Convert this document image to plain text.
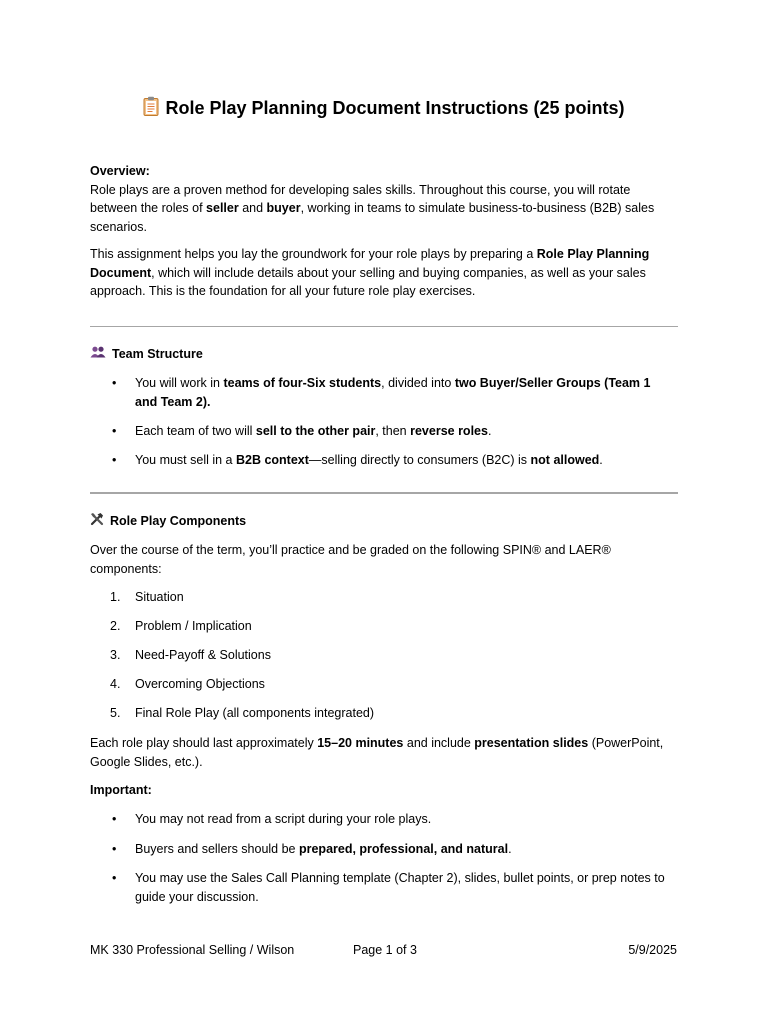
Role Play Planning Document Instructions (25 points)

Overview:

Role plays are a proven method for developing sales skills. Throughout this course, you will rotate between the roles of seller and buyer, working in teams to simulate business-to-business (B2B) sales scenarios.

This assignment helps you lay the groundwork for your role plays by preparing a Role Play Planning Document, which will include details about your selling and buying companies, as well as your sales approach. This is the foundation for all your future role play exercises.

Team Structure
•	You will work in teams of four-Six students, divided into two Buyer/Seller Groups (Team 1 and Team 2).
•	Each team of two will sell to the other pair, then reverse roles.
•	You must sell in a B2B context—selling directly to consumers (B2C) is not allowed.
Role Play Components

Over the course of the term, you’ll practice and be graded on the following SPIN® and LAER® components:

1.	Situation
2.	Problem / Implication
3.	Need-Payoff & Solutions
4.	Overcoming Objections
5.	Final Role Play (all components integrated)

Each role play should last approximately 15–20 minutes and include presentation slides (PowerPoint, Google Slides, etc.).

Important:

•	You may not read from a script during your role plays.
•	Buyers and sellers should be prepared, professional, and natural.
•	You may use the Sales Call Planning template (Chapter 2), slides, bullet points, or prep notes to guide your discussion.
MK 330 Professional Selling / Wilson	Page 1 of 3	5/9/2025
